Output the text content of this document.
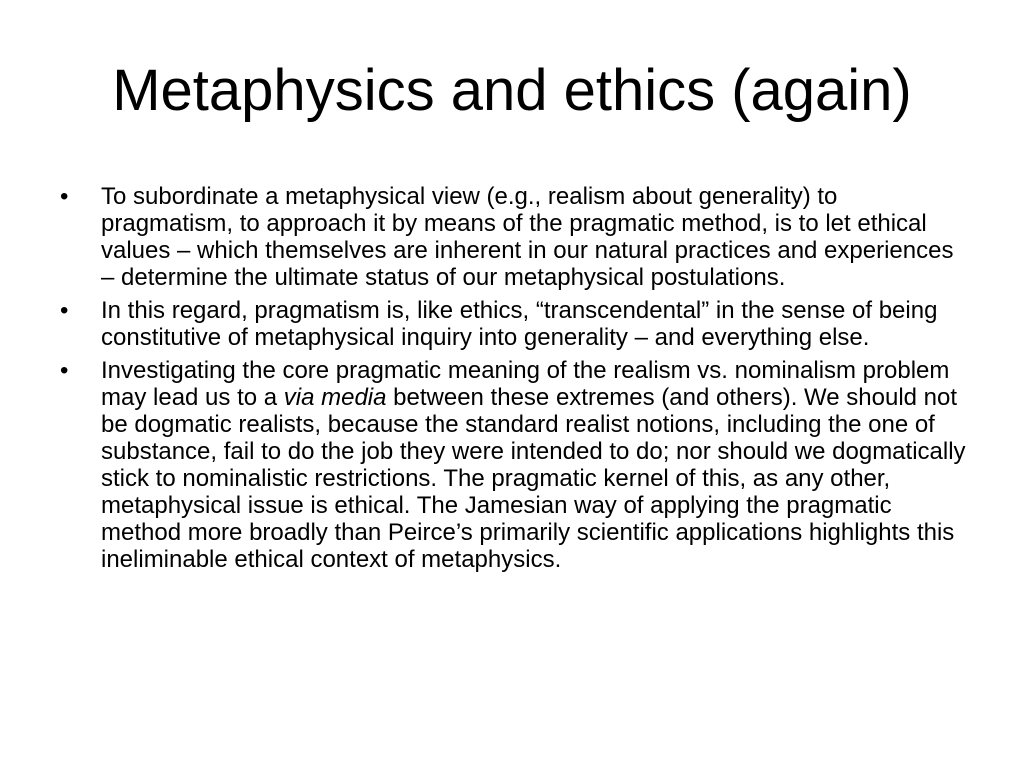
Metaphysics and ethics (again)
•	To subordinate a metaphysical view (e.g., realism about generality) to pragmatism, to approach it by means of the pragmatic method, is to let ethical values – which themselves are inherent in our natural practices and experiences – determine the ultimate status of our metaphysical postulations.
•	In this regard, pragmatism is, like ethics, “transcendental” in the sense of being constitutive of metaphysical inquiry into generality – and everything else.
•	Investigating the core pragmatic meaning of the realism vs. nominalism problem may lead us to a via media between these extremes (and others). We should not be dogmatic realists, because the standard realist notions, including the one of substance, fail to do the job they were intended to do; nor should we dogmatically stick to nominalistic restrictions. The pragmatic kernel of this, as any other, metaphysical issue is ethical. The Jamesian way of applying the pragmatic method more broadly than Peirce’s primarily scientific applications highlights this ineliminable ethical context of metaphysics.
